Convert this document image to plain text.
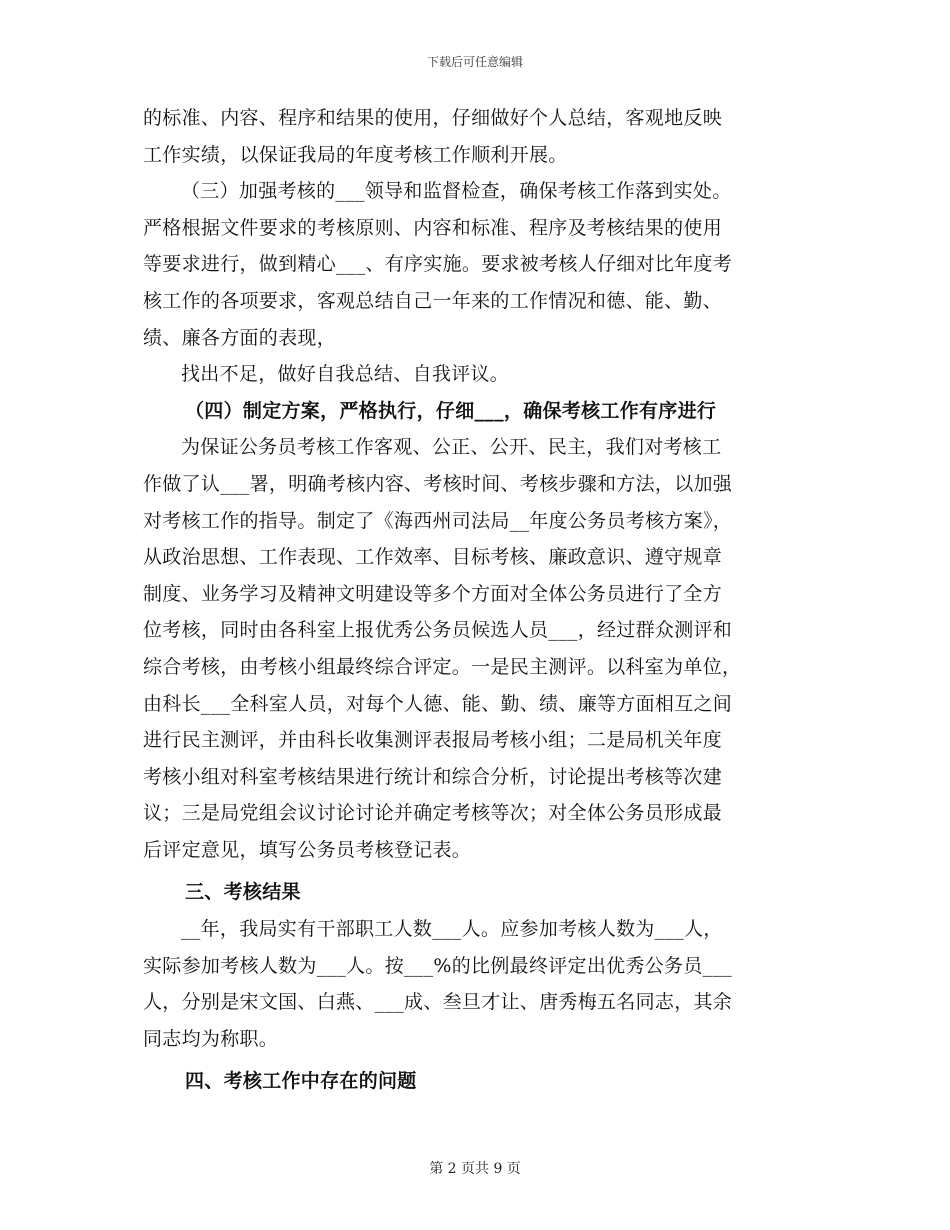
下载后可任意编辑
的标准、内容、程序和结果的使用，仔细做好个人总结，客观地反映
工作实绩，以保证我局的年度考核工作顺利开展。
（三）加强考核的___领导和监督检查，确保考核工作落到实处。
严格根据文件要求的考核原则、内容和标准、程序及考核结果的使用
等要求进行，做到精心___、有序实施。要求被考核人仔细对比年度考
核工作的各项要求，客观总结自己一年来的工作情况和德、能、勤、
绩、廉各方面的表现，
找出不足，做好自我总结、自我评议。
（四）制定方案，严格执行，仔细___，确保考核工作有序进行
为保证公务员考核工作客观、公正、公开、民主，我们对考核工
作做了认___署，明确考核内容、考核时间、考核步骤和方法，以加强
对考核工作的指导。制定了《海西州司法局__年度公务员考核方案》，
从政治思想、工作表现、工作效率、目标考核、廉政意识、遵守规章
制度、业务学习及精神文明建设等多个方面对全体公务员进行了全方
位考核，同时由各科室上报优秀公务员候选人员___，经过群众测评和
综合考核，由考核小组最终综合评定。一是民主测评。以科室为单位，
由科长___全科室人员，对每个人德、能、勤、绩、廉等方面相互之间
进行民主测评，并由科长收集测评表报局考核小组；二是局机关年度
考核小组对科室考核结果进行统计和综合分析，讨论提出考核等次建
议；三是局党组会议讨论讨论并确定考核等次；对全体公务员形成最
后评定意见，填写公务员考核登记表。
三、考核结果
__年，我局实有干部职工人数___人。应参加考核人数为___人，
实际参加考核人数为___人。按___%的比例最终评定出优秀公务员___
人，分别是宋文国、白燕、___成、叁旦才让、唐秀梅五名同志，其余
同志均为称职。
四、考核工作中存在的问题
第 2 页共 9 页
